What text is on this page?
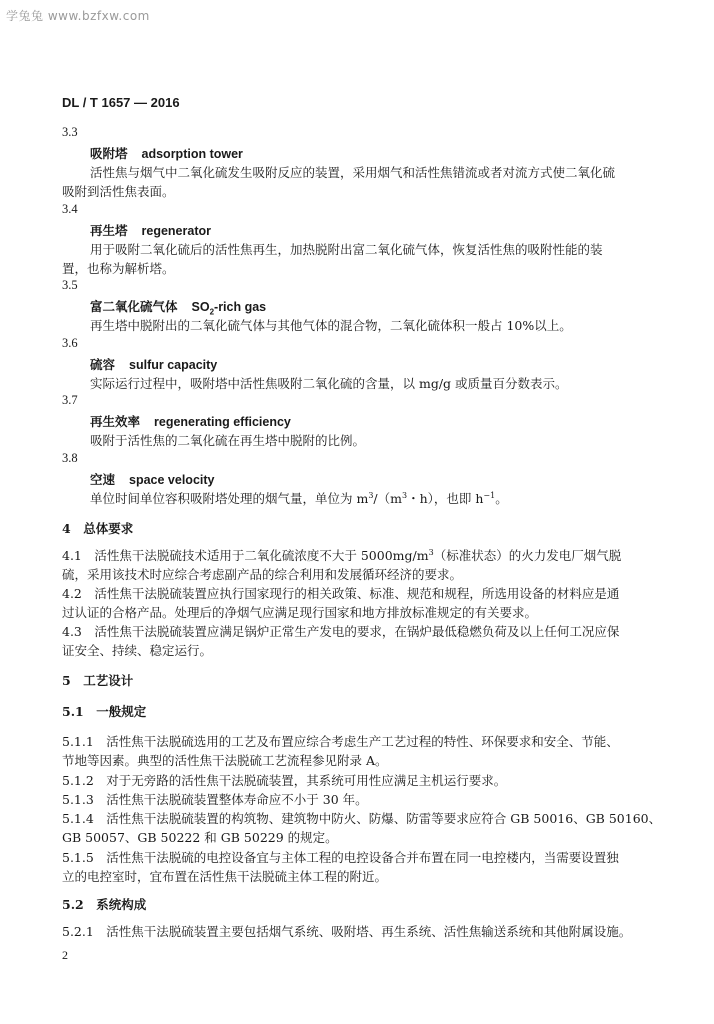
学兔兔 www.bzfxw.com
DL / T 1657 — 2016
3.3
吸附塔 adsorption tower
活性焦与烟气中二氧化硫发生吸附反应的装置，采用烟气和活性焦错流或者对流方式使二氧化硫
吸附到活性焦表面。
3.4
再生塔 regenerator
用于吸附二氧化硫后的活性焦再生，加热脱附出富二氧化硫气体，恢复活性焦的吸附性能的装
置，也称为解析塔。
3.5
富二氧化硫气体 $SO_2$-rich gas
再生塔中脱附出的二氧化硫气体与其他气体的混合物，二氧化硫体积一般占 10%以上。
3.6
硫容 sulfur capacity
实际运行过程中，吸附塔中活性焦吸附二氧化硫的含量，以 mg/g 或质量百分数表示。
3.7
再生效率 regenerating efficiency
吸附于活性焦的二氧化硫在再生塔中脱附的比例。
3.8
空速 space velocity
单位时间单位容积吸附塔处理的烟气量，单位为 $m^3/(m^3$・h），也即 $h^{-1}$。
4　总体要求
4.1　活性焦干法脱硫技术适用于二氧化硫浓度不大于 $5000mg/m^3$（标准状态）的火力发电厂烟气脱
硫，采用该技术时应综合考虑副产品的综合利用和发展循环经济的要求。
4.2　活性焦干法脱硫装置应执行国家现行的相关政策、标准、规范和规程，所选用设备的材料应是通
过认证的合格产品。处理后的净烟气应满足现行国家和地方排放标准规定的有关要求。
4.3　活性焦干法脱硫装置应满足锅炉正常生产发电的要求，在锅炉最低稳燃负荷及以上任何工况应保
证安全、持续、稳定运行。
5　工艺设计
5.1　一般规定
5.1.1　活性焦干法脱硫选用的工艺及布置应综合考虑生产工艺过程的特性、环保要求和安全、节能、
节地等因素。典型的活性焦干法脱硫工艺流程参见附录 A。
5.1.2　对于无旁路的活性焦干法脱硫装置，其系统可用性应满足主机运行要求。
5.1.3　活性焦干法脱硫装置整体寿命应不小于 30 年。
5.1.4　活性焦干法脱硫装置的构筑物、建筑物中防火、防爆、防雷等要求应符合 GB 50016、GB 50160、
GB 50057、GB 50222 和 GB 50229 的规定。
5.1.5　活性焦干法脱硫的电控设备宜与主体工程的电控设备合并布置在同一电控楼内，当需要设置独
立的电控室时，宜布置在活性焦干法脱硫主体工程的附近。
5.2　系统构成
5.2.1　活性焦干法脱硫装置主要包括烟气系统、吸附塔、再生系统、活性焦输送系统和其他附属设施。
2
